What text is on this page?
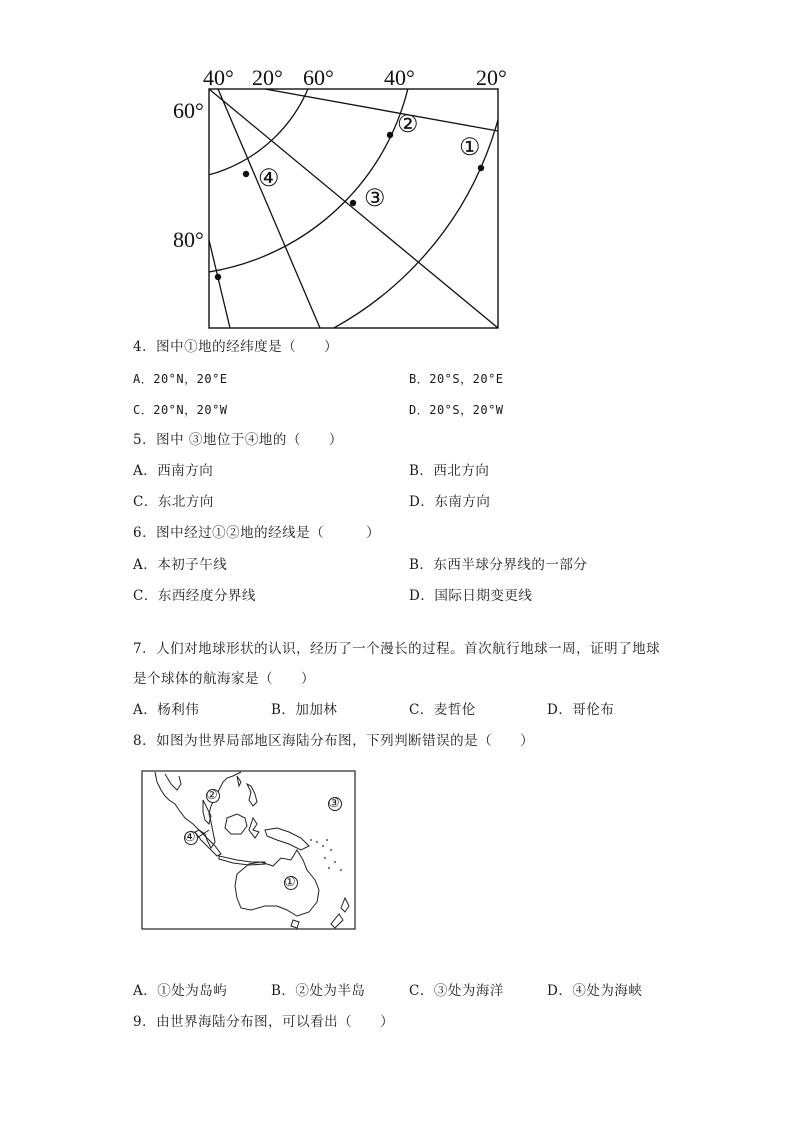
40° 20° 60° 40°	20°
60°
80°
①
②
③
④
4．图中①地的经纬度是（　　）
A．20°N，20°E	B．20°S，20°E
C．20°N，20°W	D．20°S，20°W
5．图中 ③地位于④地的（　　）
A．西南方向	B．西北方向
C．东北方向	D．东南方向
6．图中经过①②地的经线是（　　　）
A．本初子午线	B．东西半球分界线的一部分
C．东西经度分界线	D．国际日期变更线
7．人们对地球形状的认识，经历了一个漫长的过程。首次航行地球一周，证明了地球
是个球体的航海家是（　　）
A．杨利伟	B．加加林	C．麦哲伦	D．哥伦布
8．如图为世界局部地区海陆分布图，下列判断错误的是（　　）
①
②
③
④
A．①处为岛屿	B．②处为半岛	C．③处为海洋	D．④处为海峡
9．由世界海陆分布图，可以看出（　　）
